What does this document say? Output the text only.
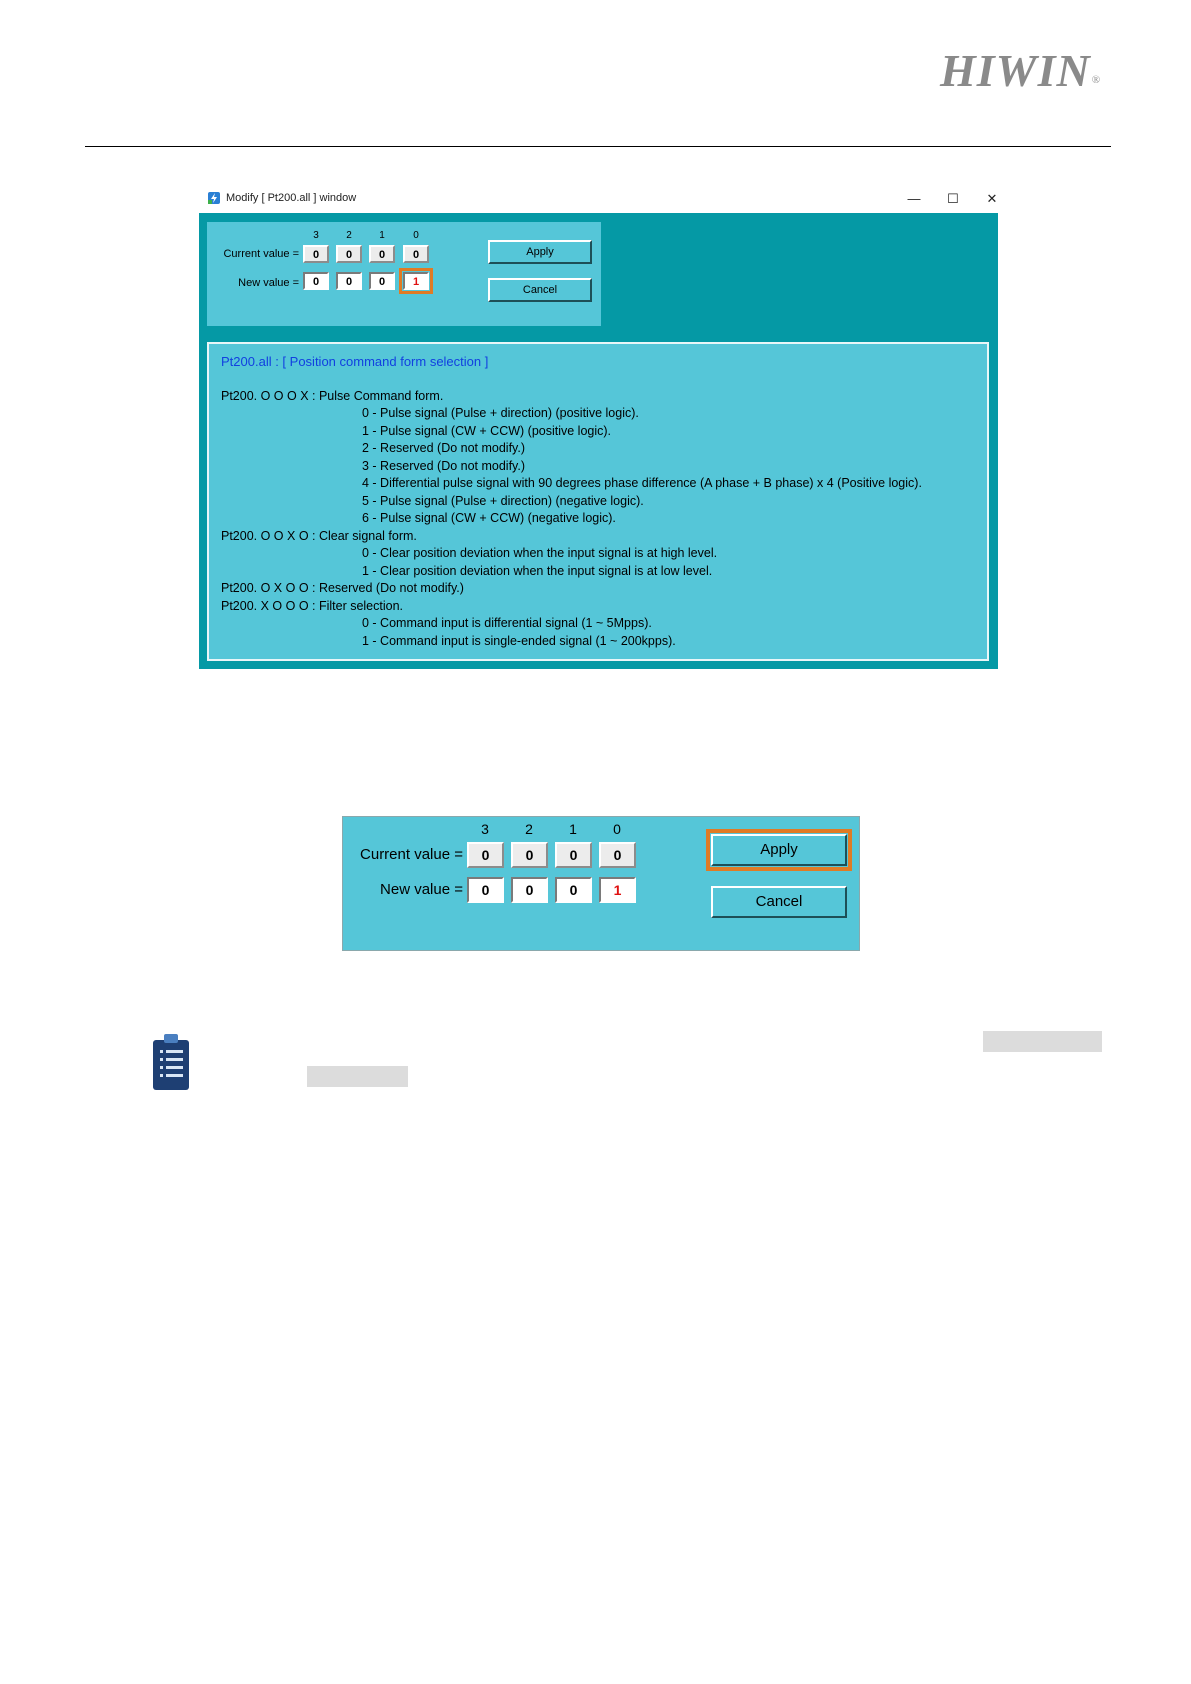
HIWIN®
Modify [ Pt200.all ] window	—	☐	✕
3	2	1	0
Current value =	0	0	0	0
New value =	0	0	0	1
Apply
Cancel
Pt200.all : [ Position command form selection ]
Pt200. O O O X : Pulse Command form.
0 - Pulse signal (Pulse + direction) (positive logic).
1 - Pulse signal (CW + CCW) (positive logic).
2 - Reserved (Do not modify.)
3 - Reserved (Do not modify.)
4 - Differential pulse signal with 90 degrees phase difference (A phase + B phase) x 4 (Positive logic).
5 - Pulse signal (Pulse + direction) (negative logic).
6 - Pulse signal (CW + CCW) (negative logic).
Pt200. O O X O : Clear signal form.
0 - Clear position deviation when the input signal is at high level.
1 - Clear position deviation when the input signal is at low level.
Pt200. O X O O : Reserved (Do not modify.)
Pt200. X O O O : Filter selection.
0 - Command input is differential signal (1 ~ 5Mpps).
1 - Command input is single-ended signal (1 ~ 200kpps).
3	2	1	0
Current value =	0	0	0	0
New value =	0	0	0	1
Apply
Cancel
